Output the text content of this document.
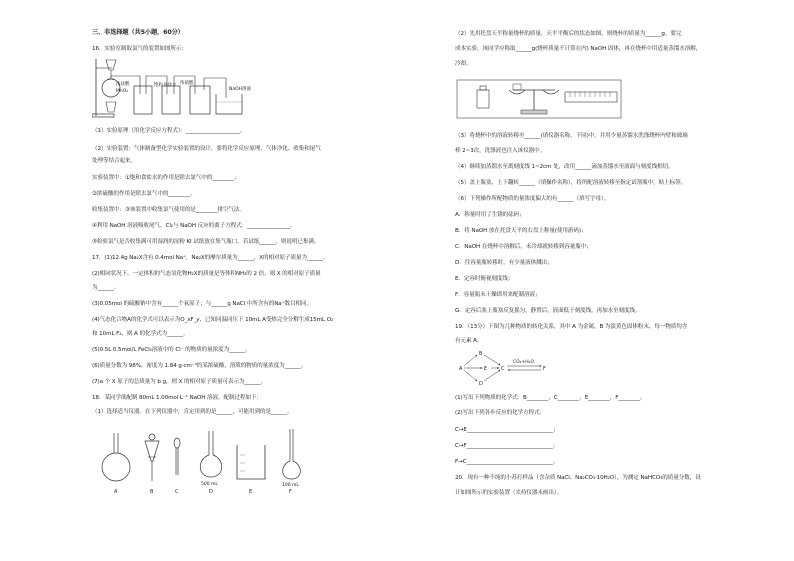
三、非选择题（共5小题，60分）
16．实验室制取氯气的装置如图所示：
浓盐酸
MnO₂
饱和食盐水 浓硫酸
NaOH溶液
（1）实验原理（用化学反应方程式）：____________________。
（2）实验装置：气体制备型化学实验装置的设计，要将化学反应原理、气体净化、收集和尾气
处理等结合起来。
实验装置中：①饱和食盐水的作用是除去氯气中的________；
②浓硫酸的作用是除去氯气中的________。
收集装置中：③该装置中收集氯气使用的是________排空气法。
④利用 NaOH 溶液吸收尾气，Cl₂与 NaOH 反应的离子方程式：________________。
⑤检验氯气是否收集满可用湿润的淀粉 KI 试纸放在集气瓶口，若试纸______，则说明已集满。
17．(1)12.4g Na₂X含有 0.4mol Na⁺，Na₂X的摩尔质量为______，X的相对原子质量为______。
(2)相同状况下，一定体积的气态氢化物H₂X的质量是等体积NH₃的 2 倍。则 X 的相对原子质量
为______。
(3)0.05mol 的硫酸钠中含有______个氧原子；与______g NaCl 中所含有的Na⁺数目相同。
(4)气态化合物A的化学式可以表示为O_xF_y，已知同温同压下 10mL A受热完全分解生成15mL O₂
和 10mL F₂，则 A 的化学式为______。
(5)0.5L 0.5mol/L FeCl₃溶液中的 Cl⁻ 的物质的量浓度为______。
(6)质量分数为 98%，密度为 1.84 g·cm⁻³的某浓硫酸，溶质的物质的量浓度为______。
(7)a 个 X 原子的总质量为 b g，则 X 的相对原子质量可表示为______。
18．某同学欲配制 80mL 1.00mol·L⁻¹ NaOH 溶液，配制过程如下：
（1）选择适当仪器。在下列仪器中，肯定用到的是______，可能用到的是______。
A	B	C
500 mL
D	E
100 mL
F
（2）先用托盘天平称量烧杯的质量，天平平衡后的状态如图，则烧杯的质量为______g。要完
成本实验，该同学应称取______g(烧杯质量不计算在内) NaOH 固体，再在烧杯中用适量蒸馏水溶解，
冷却。
（3）将烧杯中的溶液转移至______(填仪器名称，下同)中，并用少量蒸馏水洗涤烧杯内壁和玻璃
棒 2~3次，洗涤液也注入该仪器中。
（4）继续加蒸馏水至离刻度线 1~2cm 处，改用______滴加蒸馏水至液面与刻度线相切。
（5）盖上瓶塞，上下翻转______（填操作名称），将所配溶液转移至指定试剂瓶中，贴上标签。
（6）下列操作所配物质的量浓度偏大的有______（填写字母）。
A．称量时用了生锈的砝码；
B．将 NaOH 放在托盘天平的右盘上称量(使用游码)；
C．NaOH 在烧杯中溶解后，未冷却就转移到容量瓶中；
D．往容量瓶转移时，有少量液体溅出；
E．定容时俯视刻度线；
F．容量瓶未干燥即用来配制溶液；
G．定容后塞上瓶塞反复摇匀，静置后，液面低于刻度线，再加水至刻度线。
19．（13分）下图为几种物质的转化关系，其中 A 为金属，B 为淡黄色固体粉末，每一物质均含
有元素 A。
A
B
C
D
E	F
CO₂+H₂O
(1)写出下列物质的化学式：B________，C________，E________，F________。
(2)写出下列各步反应的化学方程式：
C→E________________________________；
C→F________________________________；
F→C________________________________。
20．现有一种不纯的小苏打样品（含杂质 NaCl、Na₂CO₃·10H₂O），为测定 NaHCO₃的质量分数，设
计如图所示的实验装置（夹持仪器未画出）。
